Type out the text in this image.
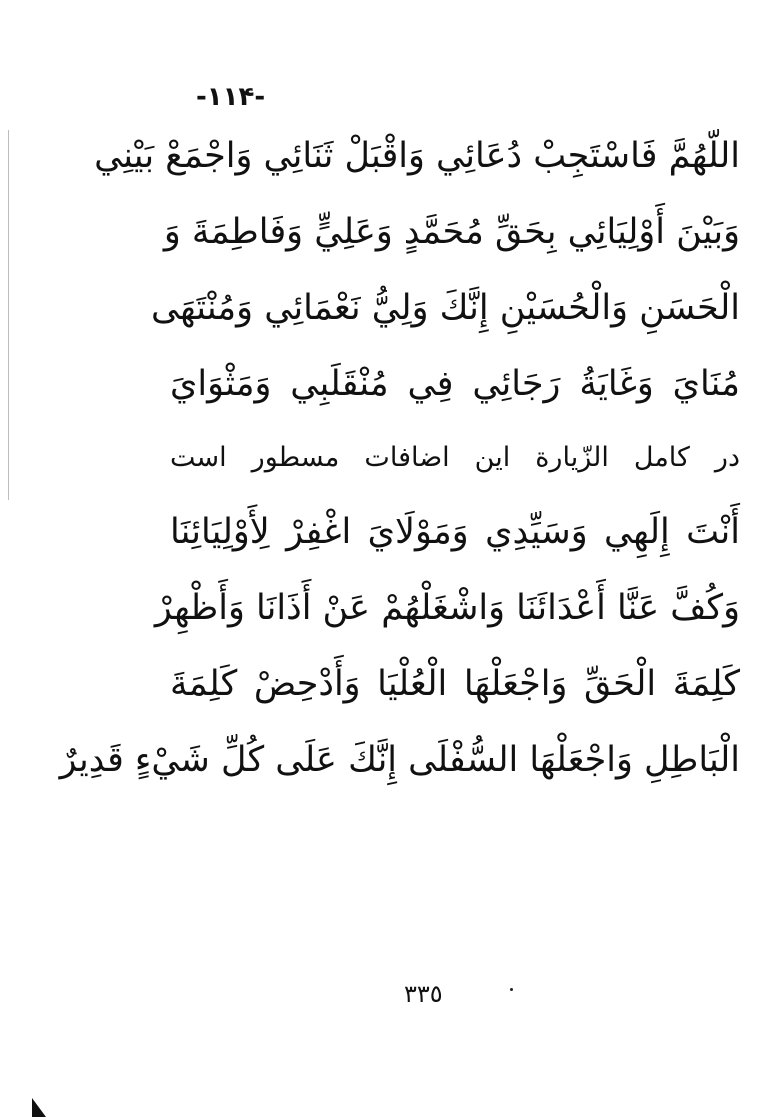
-۱۱۴-
اللّهُمَّ فَاسْتَجِبْ دُعَائِي وَاقْبَلْ ثَنَائِي وَاجْمَعْ بَيْنِي
وَبَيْنَ أَوْلِيَائِي بِحَقِّ مُحَمَّدٍ وَعَلِيٍّ وَفَاطِمَةَ وَ
الْحَسَنِ وَالْحُسَيْنِ إِنَّكَ وَلِيُّ نَعْمَائِي وَمُنْتَهَى
مُنَايَ وَغَايَةُ رَجَائِي فِي مُنْقَلَبِي وَمَثْوَايَ
در كامل الزّيارة اين اضافات مسطور است
أَنْتَ إِلَهِي وَسَيِّدِي وَمَوْلَايَ اغْفِرْ لِأَوْلِيَائِنَا
وَكُفَّ عَنَّا أَعْدَائَنَا وَاشْغَلْهُمْ عَنْ أَذَانَا وَأَظْهِرْ
كَلِمَةَ الْحَقِّ وَاجْعَلْهَا الْعُلْيَا وَأَدْحِضْ كَلِمَةَ
الْبَاطِلِ وَاجْعَلْهَا السُّفْلَى إِنَّكَ عَلَى كُلِّ شَيْءٍ قَدِيرٌ
٣٣٥
